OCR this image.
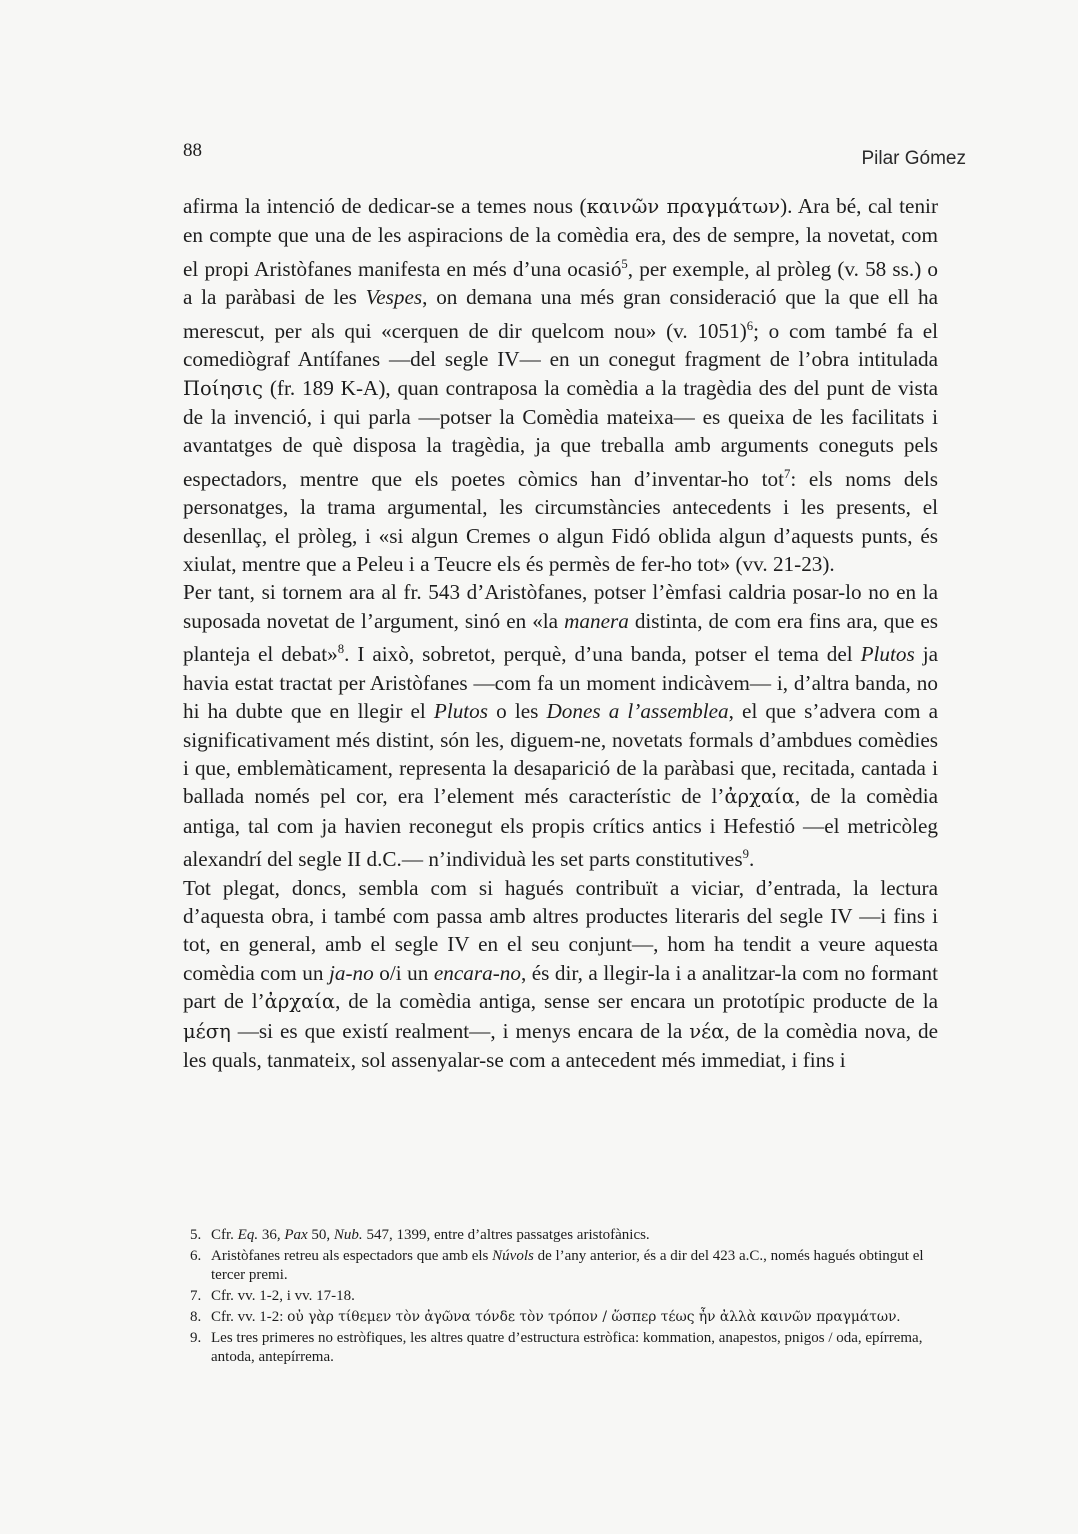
88	Pilar Gómez

afirma la intenció de dedicar-se a temes nous (καινῶν πραγμάτων). Ara bé, cal tenir en compte que una de les aspiracions de la comèdia era, des de sempre, la novetat, com el propi Aristòfanes manifesta en més d’una ocasió$^5$, per exemple, al pròleg (v. 58 ss.) o a la paràbasi de les Vespes, on demana una més gran consideració que la que ell ha merescut, per als qui «cerquen de dir quelcom nou» (v. 1051)$^6$; o com també fa el comediògraf Antífanes —del segle IV— en un conegut fragment de l’obra intitulada Ποίησις (fr. 189 K-A), quan contraposa la comèdia a la tragèdia des del punt de vista de la invenció, i qui parla —potser la Comèdia mateixa— es queixa de les facilitats i avantatges de què disposa la tragèdia, ja que treballa amb arguments coneguts pels espectadors, mentre que els poetes còmics han d’inventar-ho tot$^7$: els noms dels personatges, la trama argumental, les circumstàncies antecedents i les presents, el desenllaç, el pròleg, i «si algun Cremes o algun Fidó oblida algun d’aquests punts, és xiulat, mentre que a Peleu i a Teucre els és permès de fer-ho tot» (vv. 21-23).

Per tant, si tornem ara al fr. 543 d’Aristòfanes, potser l’èmfasi caldria posar-lo no en la suposada novetat de l’argument, sinó en «la manera distinta, de com era fins ara, que es planteja el debat»$^8$. I això, sobretot, perquè, d’una banda, potser el tema del Plutos ja havia estat tractat per Aristòfanes —com fa un moment indicàvem— i, d’altra banda, no hi ha dubte que en llegir el Plutos o les Dones a l’assemblea, el que s’advera com a significativament més distint, són les, diguem-ne, novetats formals d’ambdues comèdies i que, emblemàticament, representa la desaparició de la paràbasi que, recitada, cantada i ballada només pel cor, era l’element més característic de l’ἀρχαία, de la comèdia antiga, tal com ja havien reconegut els propis crítics antics i Hefestió —el metricòleg alexandrí del segle II d.C.— n’individuà les set parts constitutives$^9$.

Tot plegat, doncs, sembla com si hagués contribuït a viciar, d’entrada, la lectura d’aquesta obra, i també com passa amb altres productes literaris del segle IV —i fins i tot, en general, amb el segle IV en el seu conjunt—, hom ha tendit a veure aquesta comèdia com un ja-no o/i un encara-no, és dir, a llegir-la i a analitzar-la com no formant part de l’ἀρχαία, de la comèdia antiga, sense ser encara un prototípic producte de la μέση —si es que existí realment—, i menys encara de la νέα, de la comèdia nova, de les quals, tanmateix, sol assenyalar-se com a antecedent més immediat, i fins i

5. Cfr. Eq. 36, Pax 50, Nub. 547, 1399, entre d’altres passatges aristofànics.
6. Aristòfanes retreu als espectadors que amb els Núvols de l’any anterior, és a dir del 423 a.C., només hagués obtingut el tercer premi.
7. Cfr. vv. 1-2, i vv. 17-18.
8. Cfr. vv. 1-2: οὐ γὰρ τίθεμεν τὸν ἀγῶνα τόνδε τὸν τρόπον / ὥσπερ τέως ἦν ἀλλὰ καινῶν πραγμάτων.
9. Les tres primeres no estròfiques, les altres quatre d’estructura estròfica: kommation, anapestos, pnigos / oda, epírrema, antoda, antepírrema.
